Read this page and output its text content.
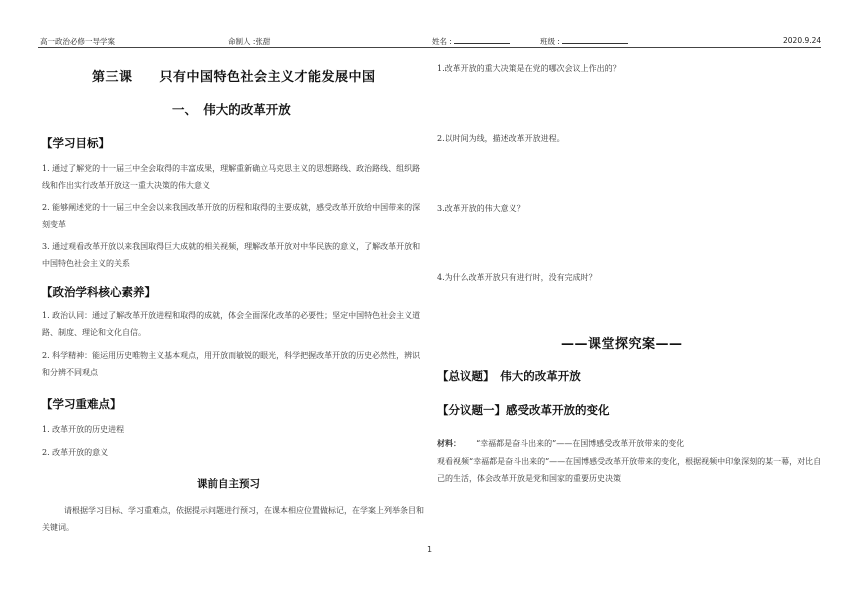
高一政治必修一导学案	命制人 :张甜	姓名 :	班级 :	2020.9.24
第三课　　只有中国特色社会主义才能发展中国
一、　伟大的改革开放
【学习目标】
1. 通过了解党的十一届三中全会取得的丰富成果，理解重新确立马克思主义的思想路线、政治路线、组织路线和作出实行改革开放这一重大决策的伟大意义
2. 能够阐述党的十一届三中全会以来我国改革开放的历程和取得的主要成就，感受改革开放给中国带来的深刻变革
3. 通过观看改革开放以来我国取得巨大成就的相关视频，理解改革开放对中华民族的意义，了解改革开放和中国特色社会主义的关系
【政治学科核心素养】
1. 政治认同：通过了解改革开放进程和取得的成就，体会全面深化改革的必要性；坚定中国特色社会主义道路、制度、理论和文化自信。
2. 科学精神：能运用历史唯物主义基本观点，用开放而敏锐的眼光，科学把握改革开放的历史必然性，辨识和分辨不同观点
【学习重难点】
1. 改革开放的历史进程
2. 改革开放的意义
课前自主预习
请根据学习目标、学习重难点，依据提示问题进行预习，在课本相应位置做标记，在学案上列举条目和关键词。
1.改革开放的重大决策是在党的哪次会议上作出的？
2.以时间为线，描述改革开放进程。
3.改革开放的伟大意义？
4.为什么改革开放只有进行时，没有完成时？
——课堂探究案——
【总议题】　伟大的改革开放
【分议题一】感受改革开放的变化
材料： “幸福都是奋斗出来的”——在国博感受改革开放带来的变化
观看视频“幸福都是奋斗出来的”——在国博感受改革开放带来的变化，根据视频中印象深刻的某一幕，对比自己的生活，体会改革开放是党和国家的重要历史决策
1
